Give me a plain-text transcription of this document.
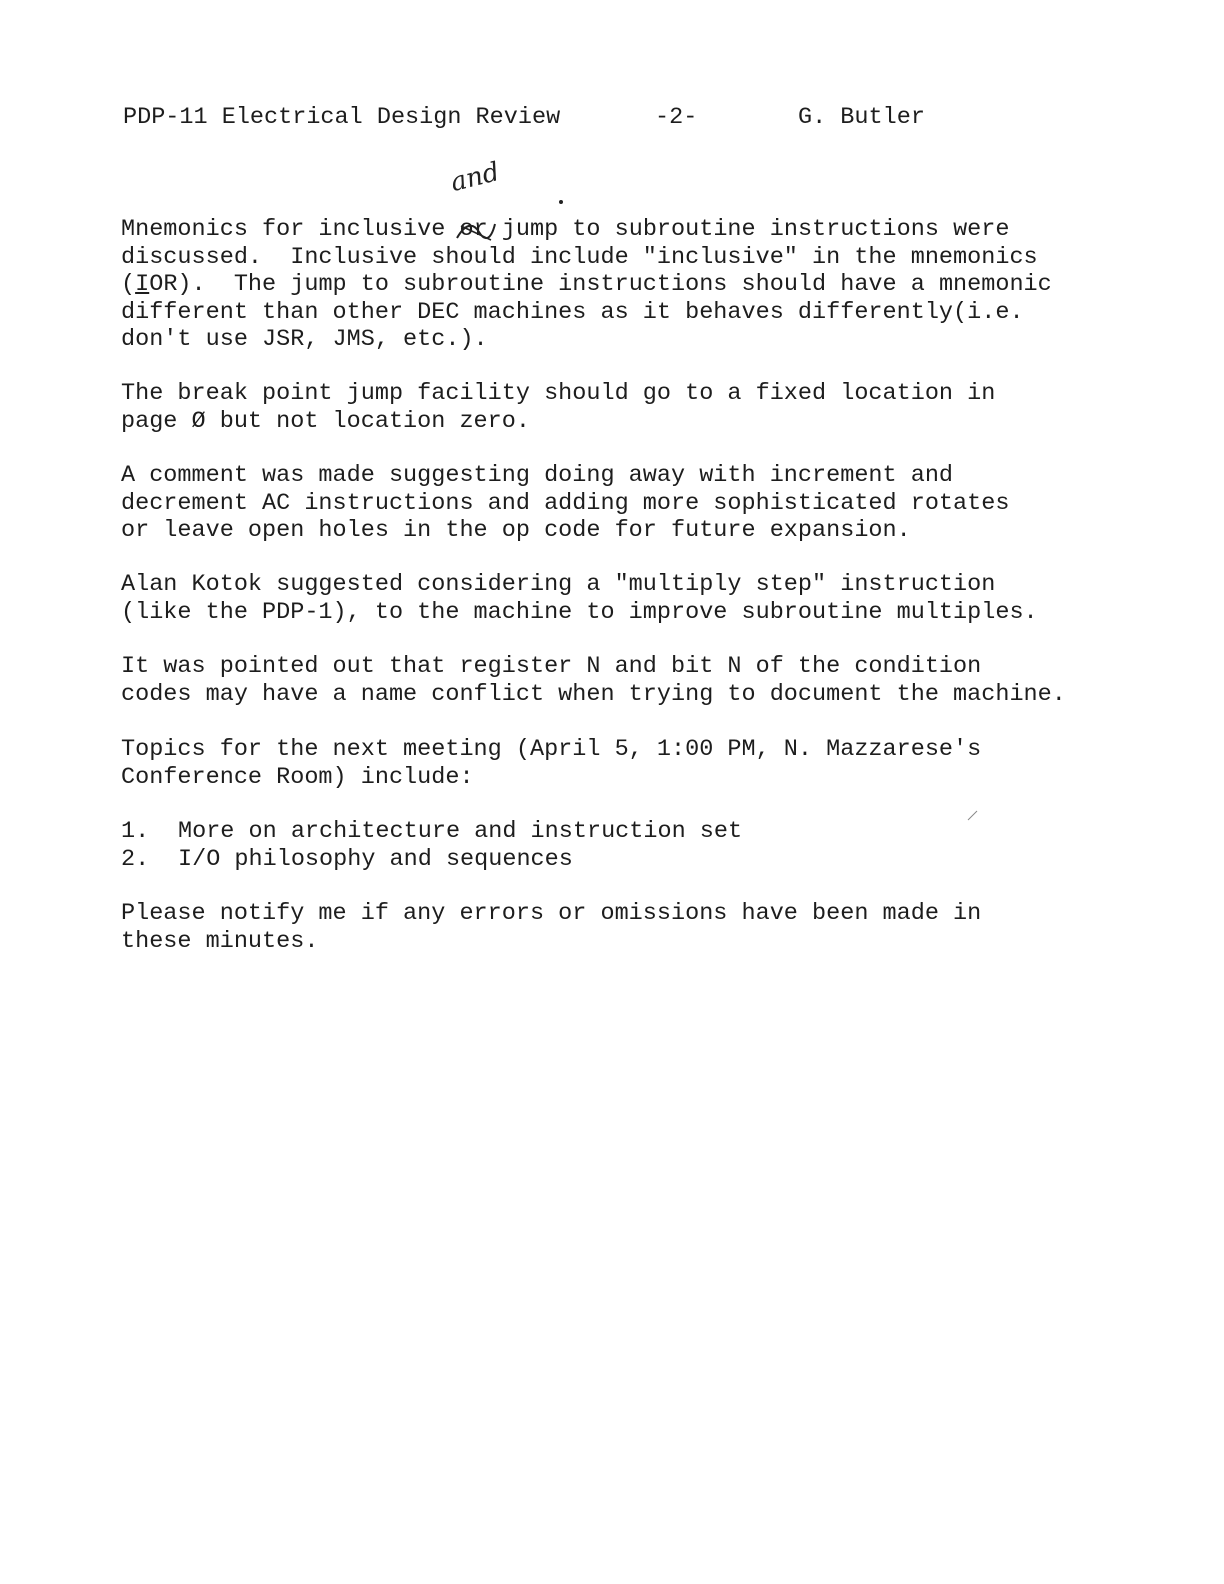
PDP-11 Electrical Design Review	-2-	G. Butler
and

Mnemonics for inclusive or
jump to subroutine instructions were
discussed.  Inclusive should include "inclusive" in the mnemonics
(IOR).  The jump to subroutine instructions should have a mnemonic
different than other DEC machines as it behaves differently(i.e.
don't use JSR, JMS, etc.).

The break point jump facility should go to a fixed location in
page Ø but not location zero.

A comment was made suggesting doing away with increment and
decrement AC instructions and adding more sophisticated rotates
or leave open holes in the op code for future expansion.

Alan Kotok suggested considering a "multiply step" instruction
(like the PDP-1), to the machine to improve subroutine multiples.

It was pointed out that register N and bit N of the condition
codes may have a name conflict when trying to document the machine.

Topics for the next meeting (April 5, 1:00 PM, N. Mazzarese's
Conference Room) include:

1. More on architecture and instruction set
2. I/O philosophy and sequences

Please notify me if any errors or omissions have been made in
these minutes.
